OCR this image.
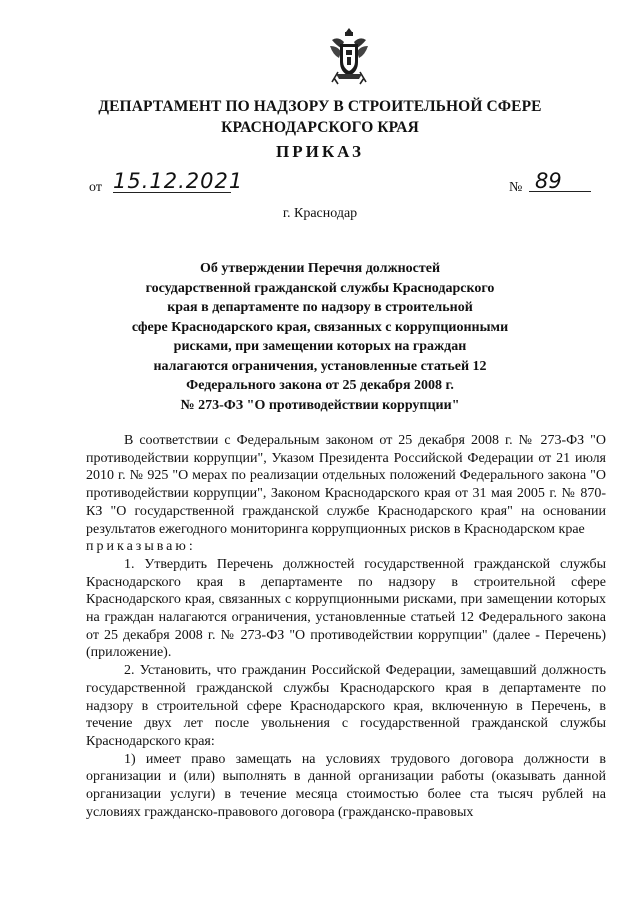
ДЕПАРТАМЕНТ ПО НАДЗОРУ В СТРОИТЕЛЬНОЙ СФЕРЕ
КРАСНОДАРСКОГО КРАЯ
ПРИКАЗ
от 15.12.2021	№ 89
г. Краснодар
Об утверждении Перечня должностей
государственной гражданской службы Краснодарского
края в департаменте по надзору в строительной
сфере Краснодарского края, связанных с коррупционными
рисками, при замещении которых на граждан
налагаются ограничения, установленные статьей 12
Федерального закона от 25 декабря 2008 г.
№ 273-ФЗ "О противодействии коррупции"

В соответствии с Федеральным законом от 25 декабря 2008 г. № 273-ФЗ "О противодействии коррупции", Указом Президента Российской Федерации от 21 июля 2010 г. № 925 "О мерах по реализации отдельных положений Федерального закона "О противодействии коррупции", Законом Краснодарского края от 31 мая 2005 г. № 870-КЗ "О государственной гражданской службе Краснодарского края" на основании результатов ежегодного мониторинга коррупционных рисков в Краснодарском крае

приказываю:

1. Утвердить Перечень должностей государственной гражданской службы Краснодарского края в департаменте по надзору в строительной сфере Краснодарского края, связанных с коррупционными рисками, при замещении которых на граждан налагаются ограничения, установленные статьей 12 Федерального закона от 25 декабря 2008 г. № 273-ФЗ "О противодействии коррупции" (далее - Перечень) (приложение).

2. Установить, что гражданин Российской Федерации, замещавший должность государственной гражданской службы Краснодарского края в департаменте по надзору в строительной сфере Краснодарского края, включенную в Перечень, в течение двух лет после увольнения с государственной гражданской службы Краснодарского края:

1) имеет право замещать на условиях трудового договора должности в организации и (или) выполнять в данной организации работы (оказывать данной организации услуги) в течение месяца стоимостью более ста тысяч рублей на условиях гражданско-правового договора (гражданско-правовых
